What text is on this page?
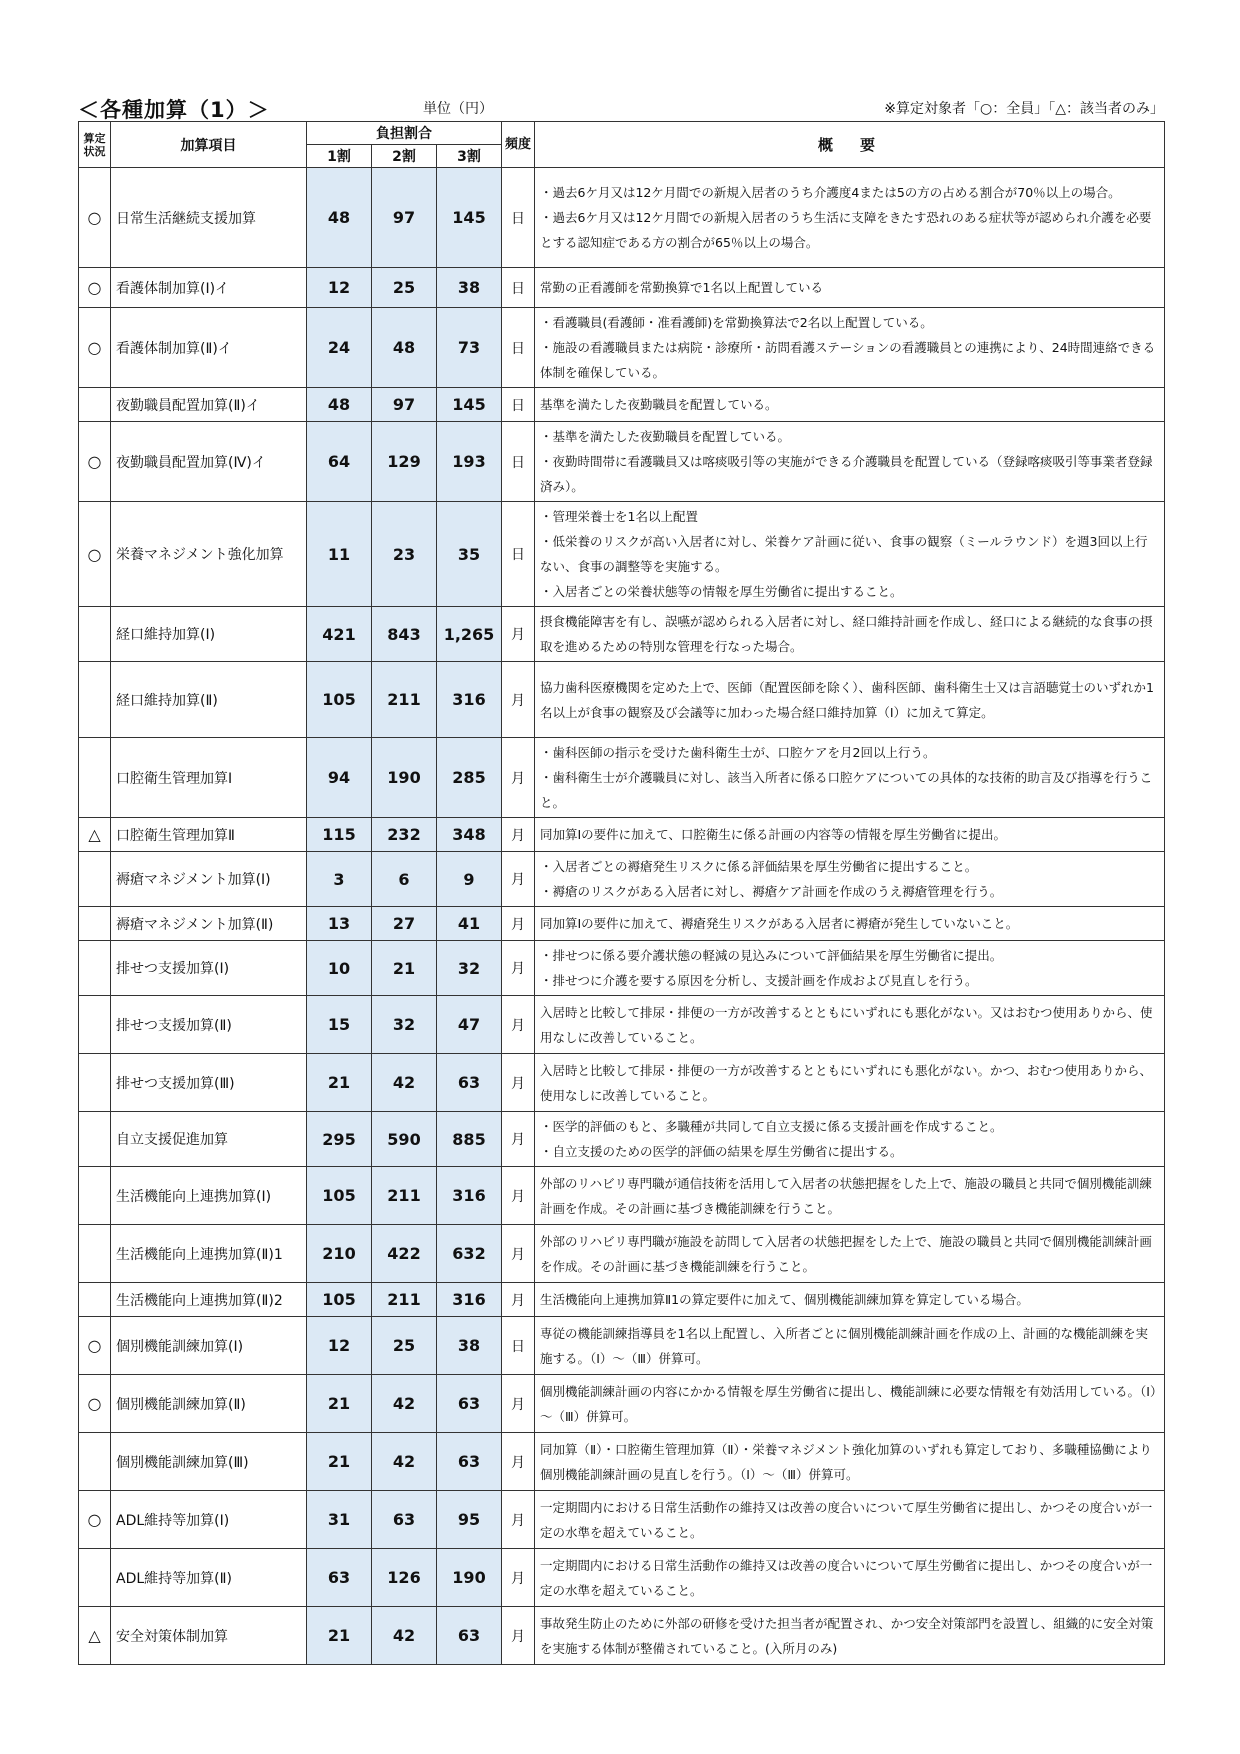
＜各種加算（1）＞	単位（円）	※算定対象者「○：全員」「△：該当者のみ」
算定状況	加算項目	負担割合			頻度	概　要
		1割	2割	3割		
○	日常生活継続支援加算	48	97	145	日	・過去6ケ月又は12ケ月間での新規入居者のうち介護度4または5の方の占める割合が70％以上の場合。
・過去6ケ月又は12ケ月間での新規入居者のうち生活に支障をきたす恐れのある症状等が認められ介護を必要とする認知症である方の割合が65％以上の場合。

○	看護体制加算(Ⅰ)イ	12	25	38	日	常勤の正看護師を常勤換算で1名以上配置している

○	看護体制加算(Ⅱ)イ	24	48	73	日	・看護職員(看護師・准看護師)を常勤換算法で2名以上配置している。
・施設の看護職員または病院・診療所・訪問看護ステーションの看護職員との連携により、24時間連絡できる体制を確保している。

	夜勤職員配置加算(Ⅱ)イ	48	97	145	日	基準を満たした夜勤職員を配置している。

○	夜勤職員配置加算(Ⅳ)イ	64	129	193	日	・基準を満たした夜勤職員を配置している。
・夜勤時間帯に看護職員又は喀痰吸引等の実施ができる介護職員を配置している（登録喀痰吸引等事業者登録済み）。

○	栄養マネジメント強化加算	11	23	35	日	・管理栄養士を1名以上配置
・低栄養のリスクが高い入居者に対し、栄養ケア計画に従い、食事の観察（ミールラウンド）を週3回以上行ない、食事の調整等を実施する。
・入居者ごとの栄養状態等の情報を厚生労働省に提出すること。

	経口維持加算(Ⅰ)	421	843	1,265	月	摂食機能障害を有し、誤嚥が認められる入居者に対し、経口維持計画を作成し、経口による継続的な食事の摂取を進めるための特別な管理を行なった場合。

	経口維持加算(Ⅱ)	105	211	316	月	協力歯科医療機関を定めた上で、医師（配置医師を除く）、歯科医師、歯科衛生士又は言語聴覚士のいずれか1名以上が食事の観察及び会議等に加わった場合経口維持加算（Ⅰ）に加えて算定。

	口腔衛生管理加算Ⅰ	94	190	285	月	・歯科医師の指示を受けた歯科衛生士が、口腔ケアを月2回以上行う。
・歯科衛生士が介護職員に対し、該当入所者に係る口腔ケアについての具体的な技術的助言及び指導を行うこと。

△	口腔衛生管理加算Ⅱ	115	232	348	月	同加算Ⅰの要件に加えて、口腔衛生に係る計画の内容等の情報を厚生労働省に提出。

	褥瘡マネジメント加算(Ⅰ)	3	6	9	月	・入居者ごとの褥瘡発生リスクに係る評価結果を厚生労働省に提出すること。
・褥瘡のリスクがある入居者に対し、褥瘡ケア計画を作成のうえ褥瘡管理を行う。

	褥瘡マネジメント加算(Ⅱ)	13	27	41	月	同加算Ⅰの要件に加えて、褥瘡発生リスクがある入居者に褥瘡が発生していないこと。

	排せつ支援加算(Ⅰ)	10	21	32	月	・排せつに係る要介護状態の軽減の見込みについて評価結果を厚生労働省に提出。
・排せつに介護を要する原因を分析し、支援計画を作成および見直しを行う。

	排せつ支援加算(Ⅱ)	15	32	47	月	入居時と比較して排尿・排便の一方が改善するとともにいずれにも悪化がない。又はおむつ使用ありから、使用なしに改善していること。

	排せつ支援加算(Ⅲ)	21	42	63	月	入居時と比較して排尿・排便の一方が改善するとともにいずれにも悪化がない。かつ、おむつ使用ありから、使用なしに改善していること。

	自立支援促進加算	295	590	885	月	・医学的評価のもと、多職種が共同して自立支援に係る支援計画を作成すること。
・自立支援のための医学的評価の結果を厚生労働省に提出する。

	生活機能向上連携加算(Ⅰ)	105	211	316	月	外部のリハビリ専門職が通信技術を活用して入居者の状態把握をした上で、施設の職員と共同で個別機能訓練計画を作成。その計画に基づき機能訓練を行うこと。

	生活機能向上連携加算(Ⅱ)1	210	422	632	月	外部のリハビリ専門職が施設を訪問して入居者の状態把握をした上で、施設の職員と共同で個別機能訓練計画を作成。その計画に基づき機能訓練を行うこと。

	生活機能向上連携加算(Ⅱ)2	105	211	316	月	生活機能向上連携加算Ⅱ1の算定要件に加えて、個別機能訓練加算を算定している場合。

○	個別機能訓練加算(Ⅰ)	12	25	38	日	専従の機能訓練指導員を1名以上配置し、入所者ごとに個別機能訓練計画を作成の上、計画的な機能訓練を実施する。（Ⅰ）～（Ⅲ）併算可。

○	個別機能訓練加算(Ⅱ)	21	42	63	月	個別機能訓練計画の内容にかかる情報を厚生労働省に提出し、機能訓練に必要な情報を有効活用している。（Ⅰ）～（Ⅲ）併算可。

	個別機能訓練加算(Ⅲ)	21	42	63	月	同加算（Ⅱ）・口腔衛生管理加算（Ⅱ）・栄養マネジメント強化加算のいずれも算定しており、多職種協働により個別機能訓練計画の見直しを行う。（Ⅰ）～（Ⅲ）併算可。

○	ADL維持等加算(Ⅰ)	31	63	95	月	一定期間内における日常生活動作の維持又は改善の度合いについて厚生労働省に提出し、かつその度合いが一定の水準を超えていること。

	ADL維持等加算(Ⅱ)	63	126	190	月	一定期間内における日常生活動作の維持又は改善の度合いについて厚生労働省に提出し、かつその度合いが一定の水準を超えていること。

△	安全対策体制加算	21	42	63	月	事故発生防止のために外部の研修を受けた担当者が配置され、かつ安全対策部門を設置し、組織的に安全対策を実施する体制が整備されていること。(入所月のみ)
